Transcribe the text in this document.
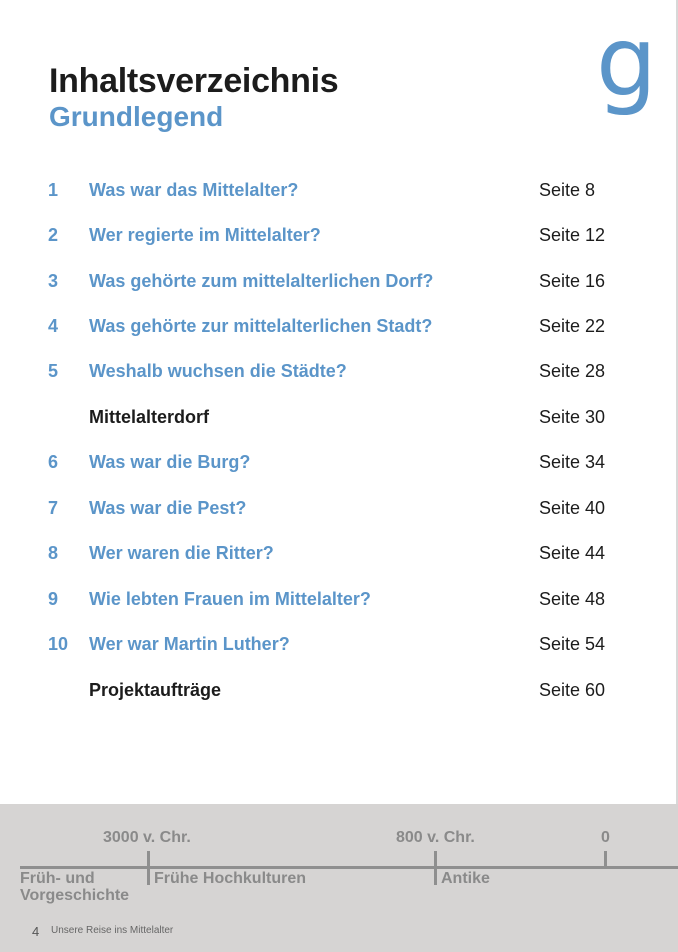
g
Inhaltsverzeichnis
Grundlegend
1 Was war das Mittelalter?	Seite 8
2 Wer regierte im Mittelalter?	Seite 12
3 Was gehörte zum mittelalterlichen Dorf?	Seite 16
4 Was gehörte zur mittelalterlichen Stadt?	Seite 22
5 Weshalb wuchsen die Städte?	Seite 28
Mittelalterdorf	Seite 30
6 Was war die Burg?	Seite 34
7 Was war die Pest?	Seite 40
8 Wer waren die Ritter?	Seite 44
9 Wie lebten Frauen im Mittelalter?	Seite 48
10 Wer war Martin Luther?	Seite 54
Projektaufträge	Seite 60
3000 v. Chr.	800 v. Chr.	0
Früh- und Vorgeschichte
Frühe Hochkulturen	Antike
4 Unsere Reise ins Mittelalter
